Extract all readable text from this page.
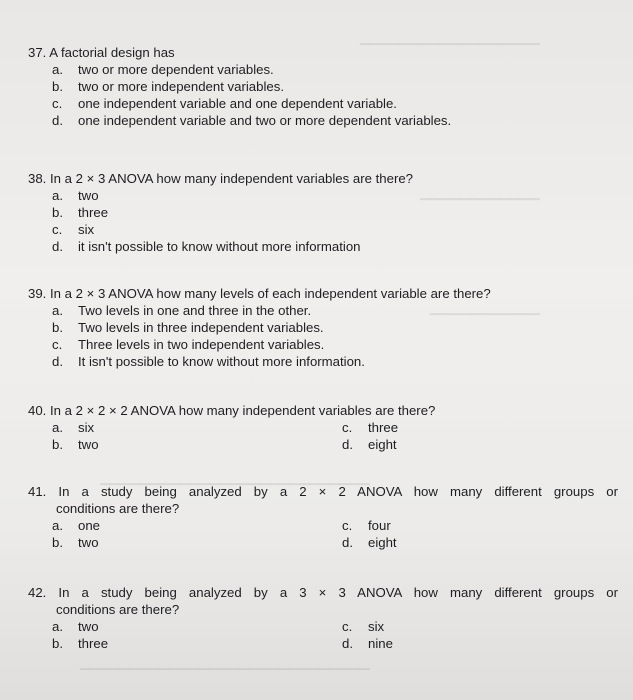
▁▁▁▁▁▁▁▁▁▁▁▁▁▁▁▁▁▁
▁▁▁▁▁▁▁▁▁▁▁▁
▁▁▁▁▁▁▁▁▁▁▁
▁▁▁▁▁▁▁▁▁▁▁▁▁▁▁▁▁▁▁▁▁▁▁▁▁▁▁
▁▁▁▁▁▁▁▁▁▁▁▁▁▁▁▁▁▁▁▁▁▁▁▁▁▁▁▁▁
37. A factorial design has
a.	two or more dependent variables.
b.	two or more independent variables.
c.	one independent variable and one dependent variable.
d.	one independent variable and two or more dependent variables.
38. In a 2 × 3 ANOVA how many independent variables are there?
a.	two
b.	three
c.	six
d.	it isn't possible to know without more information
39. In a 2 × 3 ANOVA how many levels of each independent variable are there?
a.	Two levels in one and three in the other.
b.	Two levels in three independent variables.
c.	Three levels in two independent variables.
d.	It isn't possible to know without more information.
40. In a 2 × 2 × 2 ANOVA how many independent variables are there?
a.	six	c.	three
b.	two	d.	eight
41. In a study being analyzed by a 2 × 2 ANOVA how many different groups or
conditions are there?
a.	one	c.	four
b.	two	d.	eight
42. In a study being analyzed by a 3 × 3 ANOVA how many different groups or
conditions are there?
a.	two	c.	six
b.	three	d.	nine
